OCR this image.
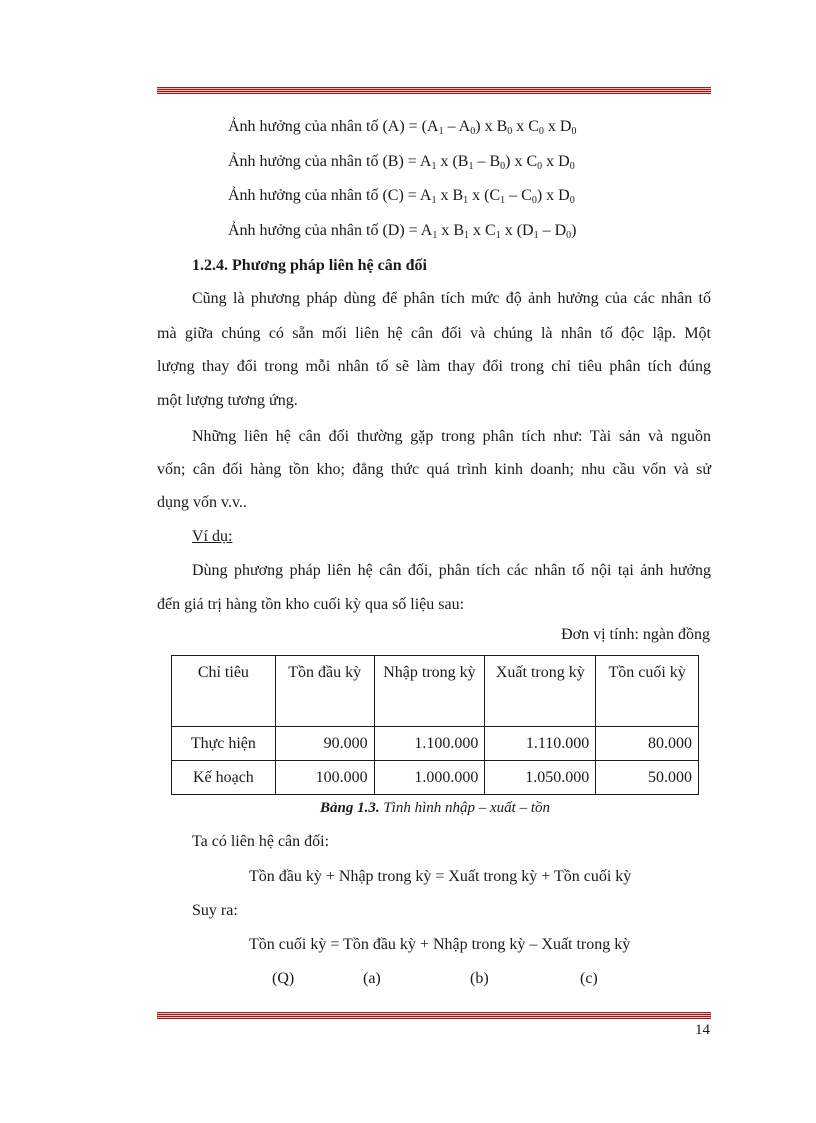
Ảnh hưởng của nhân tố $(A) = (A_1 - A_0)$ x $B_0$ x $C_0$ x $D_0$
Ảnh hưởng của nhân tố $(B) = A_1$ x $(B_1 - B_0)$ x $C_0$ x $D_0$
Ảnh hưởng của nhân tố $(C) = A_1$ x $B_1$ x $(C_1 - C_0)$ x $D_0$
Ảnh hưởng của nhân tố $(D) = A_1$ x $B_1$ x $C_1$ x $(D_1 - D_0)$
1.2.4. Phương pháp liên hệ cân đối
Cũng là phương pháp dùng để phân tích mức độ ảnh hưởng của các nhân tố
mà giữa chúng có sẵn mối liên hệ cân đối và chúng là nhân tố độc lập. Một
lượng thay đổi trong mỗi nhân tố sẽ làm thay đổi trong chỉ tiêu phân tích đúng
một lượng tương ứng.
Những liên hệ cân đối thường gặp trong phân tích như: Tài sản và nguồn
vốn; cân đối hàng tồn kho; đẳng thức quá trình kinh doanh; nhu cầu vốn và sử
dụng vốn v.v..
Ví dụ:
Dùng phương pháp liên hệ cân đối, phân tích các nhân tố nội tại ảnh hưởng
đến giá trị hàng tồn kho cuối kỳ qua số liệu sau:
Đơn vị tính: ngàn đồng
Chỉ tiêu	Tồn đầu kỳ	Nhập trong kỳ	Xuất trong kỳ	Tồn cuối kỳ
Thực hiện	90.000	1.100.000	1.110.000	80.000
Kế hoạch	100.000	1.000.000	1.050.000	50.000
Bảng 1.3. Tình hình nhập – xuất – tồn
Ta có liên hệ cân đối:
Tồn đầu kỳ + Nhập trong kỳ = Xuất trong kỳ + Tồn cuối kỳ
Suy ra:
Tồn cuối kỳ = Tồn đầu kỳ + Nhập trong kỳ – Xuất trong kỳ
(Q)	(a)	(b)	(c)
14
